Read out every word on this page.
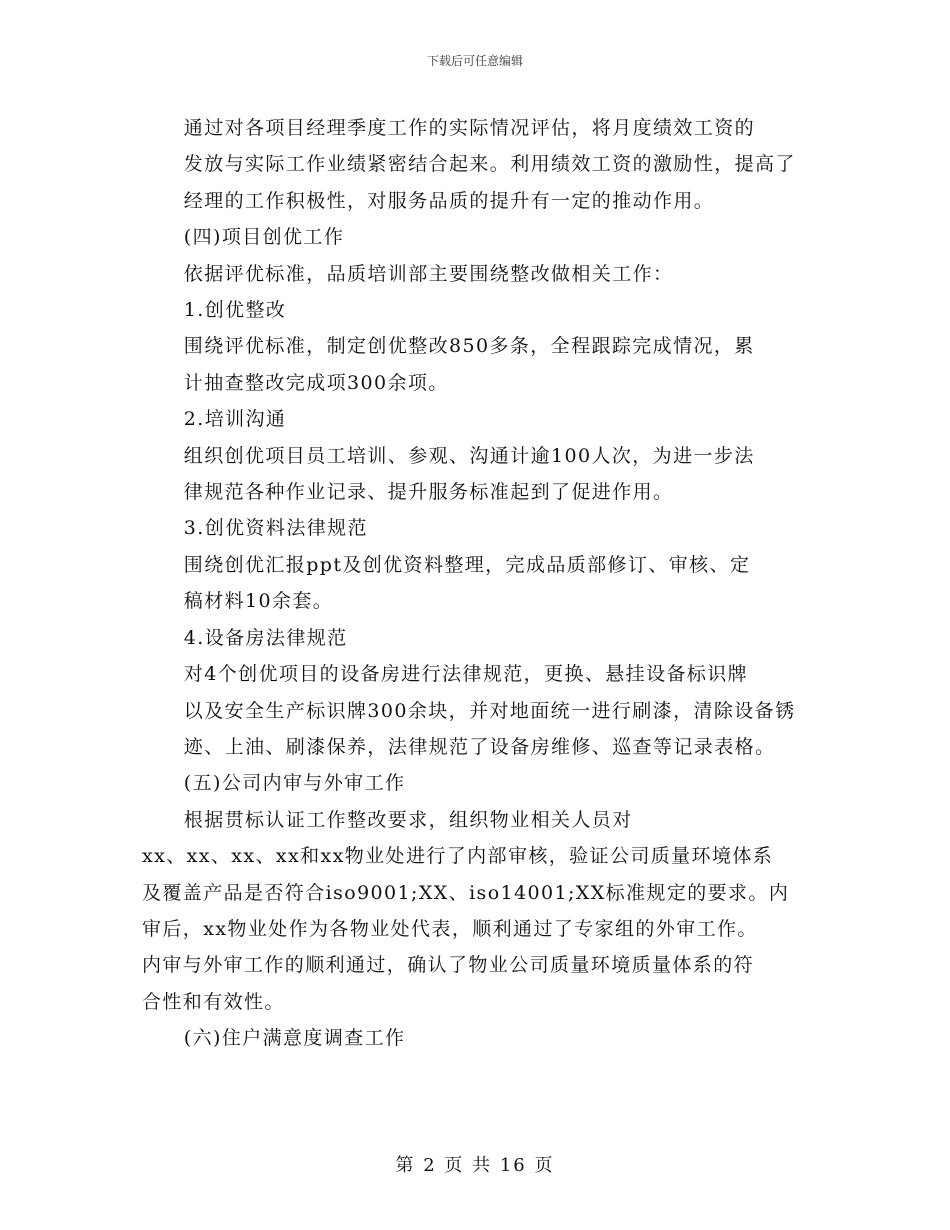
下载后可任意编辑

通过对各项目经理季度工作的实际情况评估，将月度绩效工资的
发放与实际工作业绩紧密结合起来。利用绩效工资的激励性，提高了
经理的工作积极性，对服务品质的提升有一定的推动作用。

(四)项目创优工作

依据评优标准，品质培训部主要围绕整改做相关工作：

1.创优整改

围绕评优标准，制定创优整改850多条，全程跟踪完成情况，累
计抽查整改完成项300余项。

2.培训沟通

组织创优项目员工培训、参观、沟通计逾100人次，为进一步法
律规范各种作业记录、提升服务标准起到了促进作用。

3.创优资料法律规范

围绕创优汇报ppt及创优资料整理，完成品质部修订、审核、定
稿材料10余套。

4.设备房法律规范

对4个创优项目的设备房进行法律规范，更换、悬挂设备标识牌
以及安全生产标识牌300余块，并对地面统一进行刷漆，清除设备锈
迹、上油、刷漆保养，法律规范了设备房维修、巡查等记录表格。

(五)公司内审与外审工作

根据贯标认证工作整改要求，组织物业相关人员对

xx、xx、xx、xx和xx物业处进行了内部审核，验证公司质量环境体系
及覆盖产品是否符合iso9001;XX、iso14001;XX标准规定的要求。内
审后，xx物业处作为各物业处代表，顺利通过了专家组的外审工作。
内审与外审工作的顺利通过，确认了物业公司质量环境质量体系的符
合性和有效性。

(六)住户满意度调查工作

第 2 页 共 16 页
